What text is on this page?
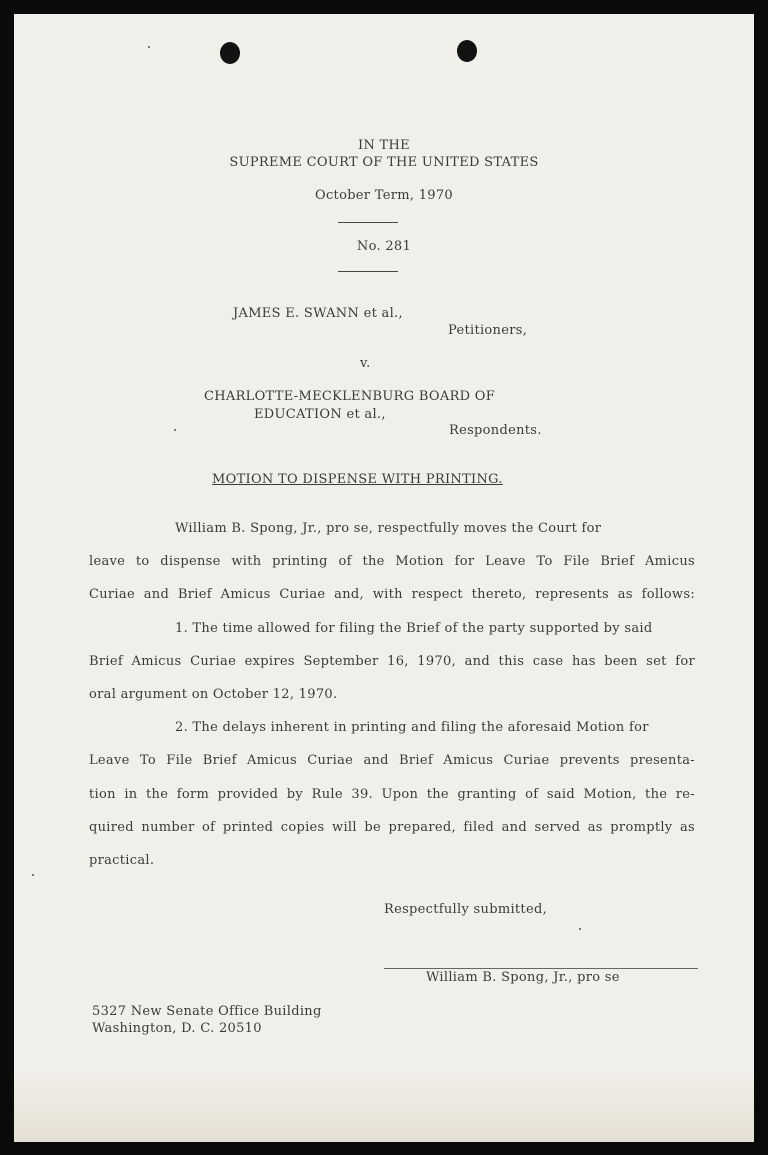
IN THE
SUPREME COURT OF THE UNITED STATES
October Term, 1970
No. 281
JAMES E. SWANN et al.,
Petitioners,
v.
CHARLOTTE-MECKLENBURG BOARD OF
EDUCATION et al.,
Respondents.
MOTION TO DISPENSE WITH PRINTING.
William B. Spong, Jr., pro se, respectfully moves the Court for
leave to dispense with printing of the Motion for Leave To File Brief Amicus
Curiae and Brief Amicus Curiae and, with respect thereto, represents as follows:
1. The time allowed for filing the Brief of the party supported by said
Brief Amicus Curiae expires September 16, 1970, and this case has been set for
oral argument on October 12, 1970.
2. The delays inherent in printing and filing the aforesaid Motion for
Leave To File Brief Amicus Curiae and Brief Amicus Curiae prevents presenta-
tion in the form provided by Rule 39. Upon the granting of said Motion, the re-
quired number of printed copies will be prepared, filed and served as promptly as
practical.
Respectfully submitted,
William B. Spong, Jr., pro se
5327 New Senate Office Building
Washington, D. C. 20510
